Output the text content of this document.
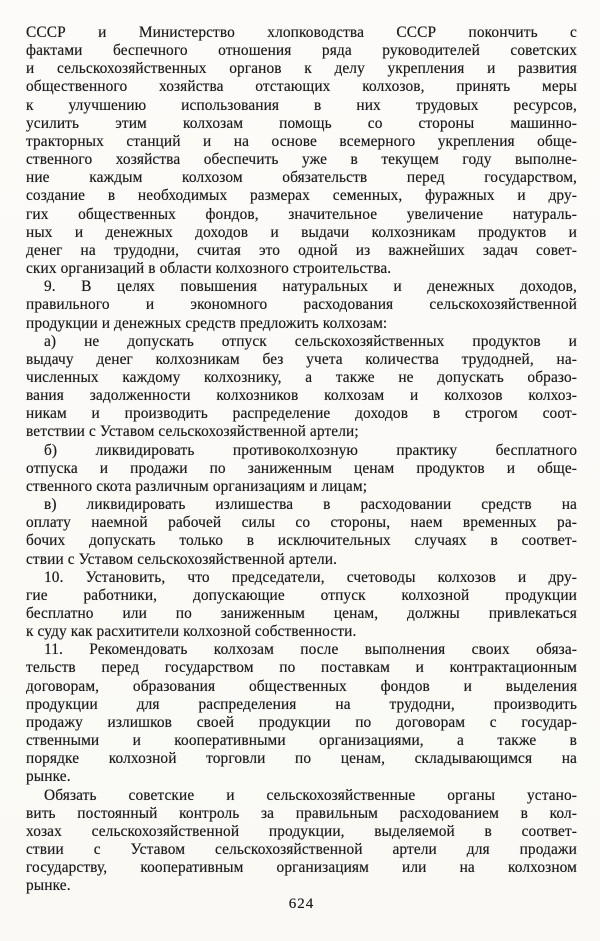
СССР и Министерство хлопководства СССР покончить с
фактами беспечного отношения ряда руководителей советских
и сельскохозяйственных органов к делу укрепления и развития
общественного хозяйства отстающих колхозов, принять меры
к улучшению использования в них трудовых ресурсов,
усилить этим колхозам помощь со стороны машинно-
тракторных станций и на основе всемерного укрепления обще-
ственного хозяйства обеспечить уже в текущем году выполне-
ние каждым колхозом обязательств перед государством,
создание в необходимых размерах семенных, фуражных и дру-
гих общественных фондов, значительное увеличение натураль-
ных и денежных доходов и выдачи колхозникам продуктов и
денег на трудодни, считая это одной из важнейших задач совет-
ских организаций в области колхозного строительства.

9. В целях повышения натуральных и денежных доходов,
правильного и экономного расходования сельскохозяйственной
продукции и денежных средств предложить колхозам:

а) не допускать отпуск сельскохозяйственных продуктов и
выдачу денег колхозникам без учета количества трудодней, на-
численных каждому колхознику, а также не допускать образо-
вания задолженности колхозников колхозам и колхозов колхоз-
никам и производить распределение доходов в строгом соот-
ветствии с Уставом сельскохозяйственной артели;

б) ликвидировать противоколхозную практику бесплатного
отпуска и продажи по заниженным ценам продуктов и обще-
ственного скота различным организациям и лицам;

в) ликвидировать излишества в расходовании средств на
оплату наемной рабочей силы со стороны, наем временных ра-
бочих допускать только в исключительных случаях в соответ-
ствии с Уставом сельскохозяйственной артели.

10. Установить, что председатели, счетоводы колхозов и дру-
гие работники, допускающие отпуск колхозной продукции
бесплатно или по заниженным ценам, должны привлекаться
к суду как расхитители колхозной собственности.

11. Рекомендовать колхозам после выполнения своих обяза-
тельств перед государством по поставкам и контрактационным
договорам, образования общественных фондов и выделения
продукции для распределения на трудодни, производить
продажу излишков своей продукции по договорам с государ-
ственными и кооперативными организациями, а также в
порядке колхозной торговли по ценам, складывающимся на
рынке.

Обязать советские и сельскохозяйственные органы устано-
вить постоянный контроль за правильным расходованием в кол-
хозах сельскохозяйственной продукции, выделяемой в соответ-
ствии с Уставом сельскохозяйственной артели для продажи
государству, кооперативным организациям или на колхозном
рынке.

624
